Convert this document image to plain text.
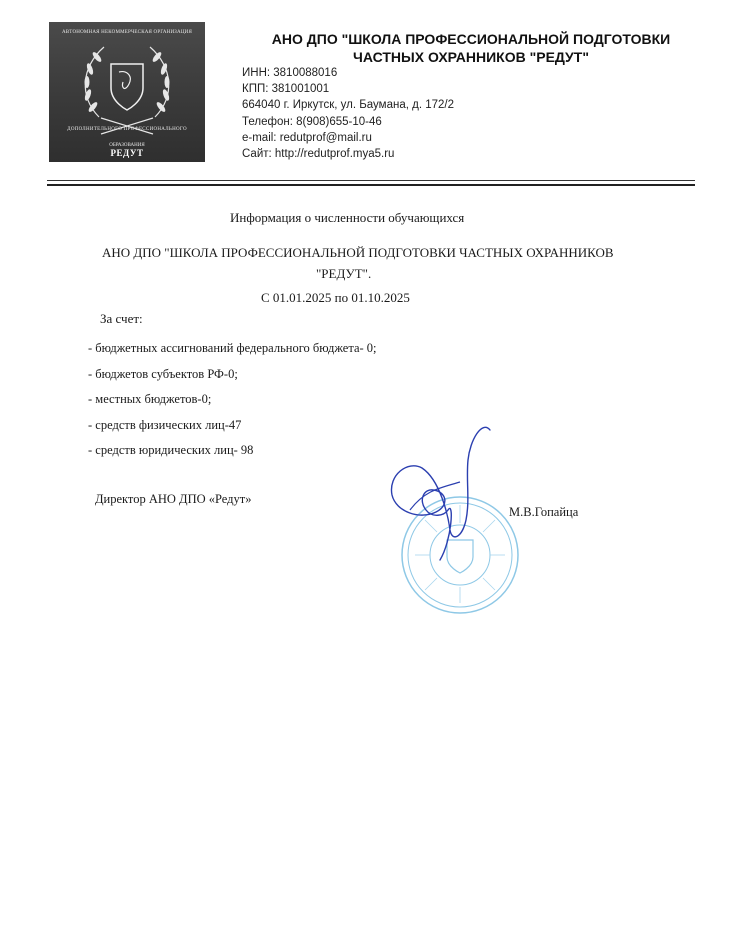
АВТОНОМНАЯ НЕКОММЕРЧЕСКАЯ ОРГАНИЗАЦИЯ
ДОПОЛНИТЕЛЬНОГО ПРОФЕССИОНАЛЬНОГО
ОБРАЗОВАНИЯ
РЕДУТ
АНО ДПО "ШКОЛА ПРОФЕССИОНАЛЬНОЙ ПОДГОТОВКИ
ЧАСТНЫХ ОХРАННИКОВ "РЕДУТ"
ИНН: 3810088016
КПП: 381001001
664040 г. Иркутск, ул. Баумана, д. 172/2
Телефон: 8(908)655-10-46
e-mail: redutprof@mail.ru
Сайт: http://redutprof.mya5.ru
Информация о численности обучающихся
АНО ДПО "ШКОЛА ПРОФЕССИОНАЛЬНОЙ ПОДГОТОВКИ ЧАСТНЫХ ОХРАННИКОВ
"РЕДУТ".
С 01.01.2025 по 01.10.2025
За счет:
- бюджетных ассигнований федерального бюджета- 0;
- бюджетов субъектов РФ-0;
- местных бюджетов-0;
- средств физических лиц-47
- средств юридических лиц- 98
Директор АНО ДПО «Редут»
М.В.Гопайца
